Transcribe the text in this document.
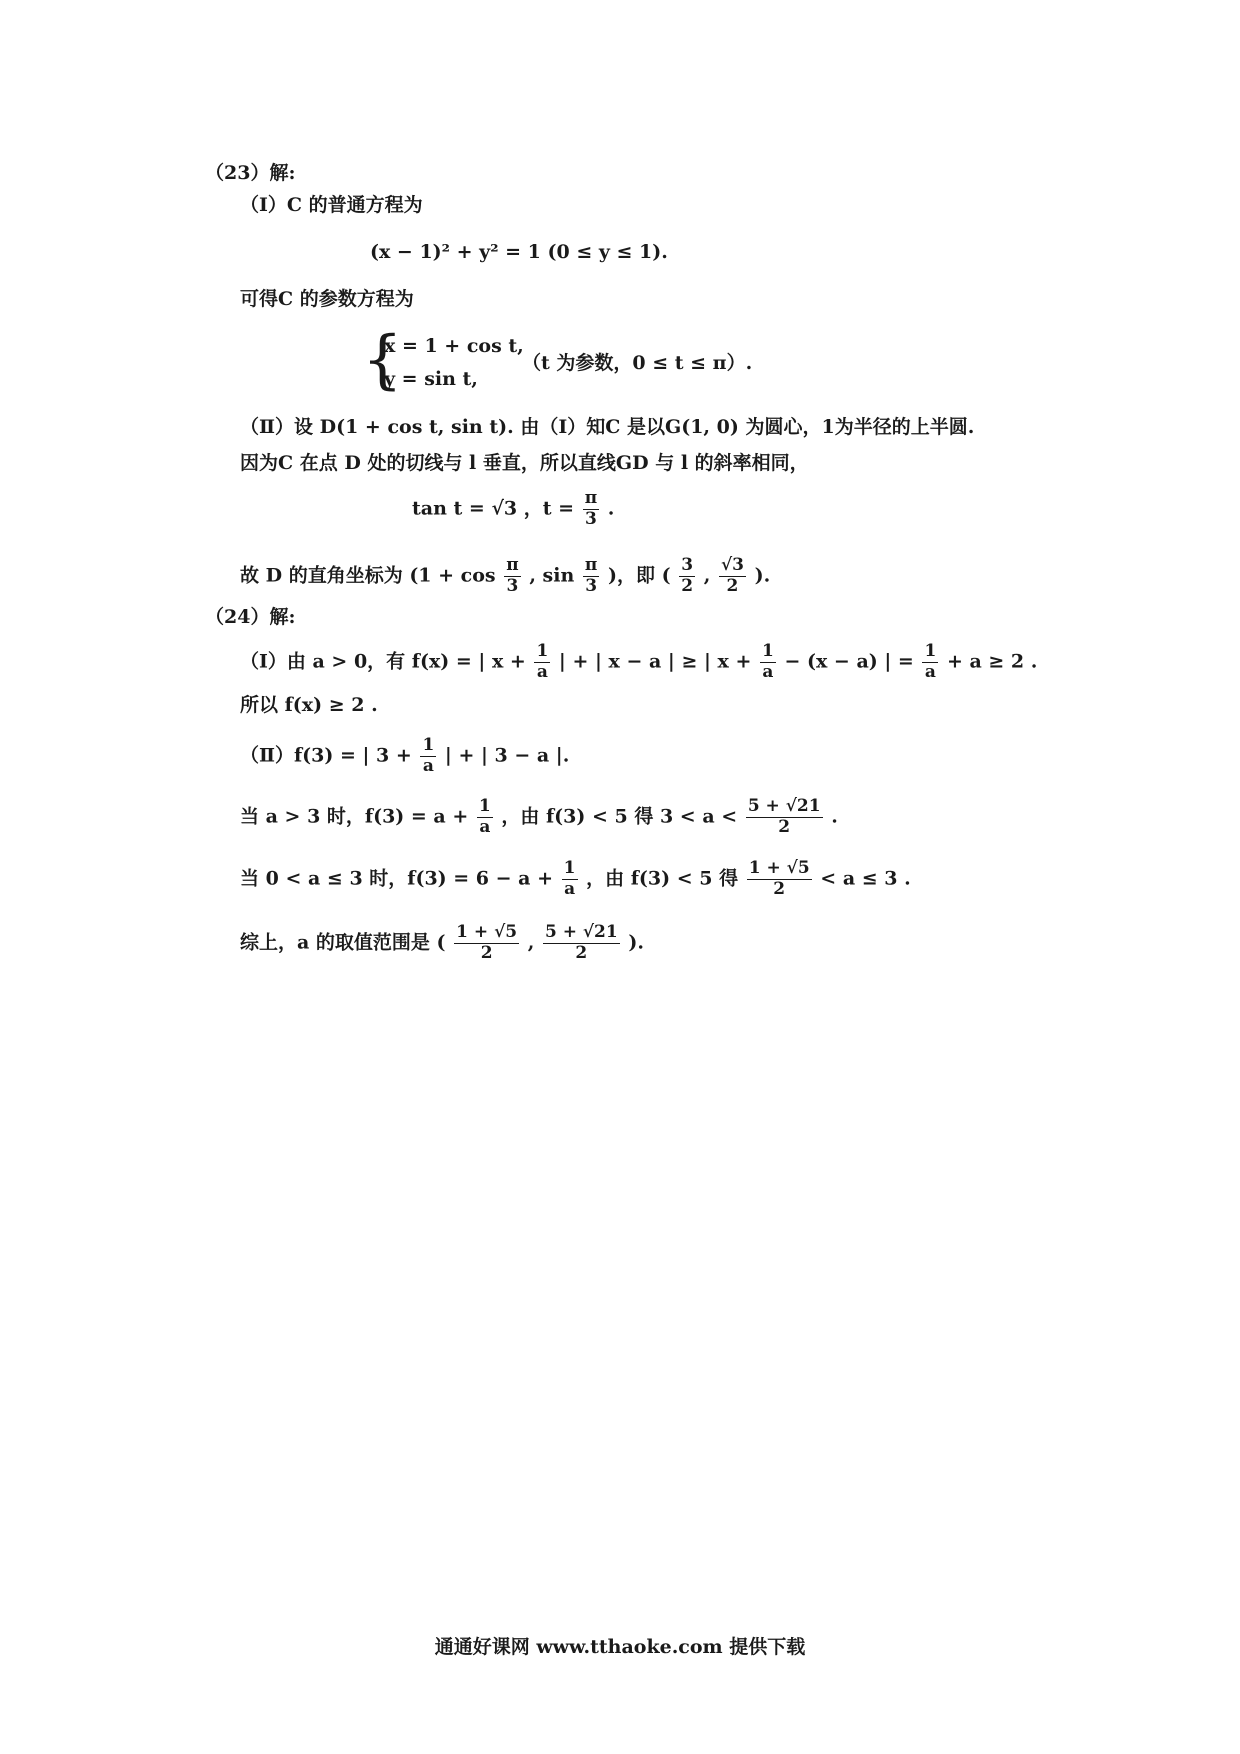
（23）解:
（Ⅰ）C 的普通方程为
(x − 1)² + y² = 1 (0 ≤ y ≤ 1).
可得C 的参数方程为
{
x = 1 + cos t,
y = sin t,
（t 为参数，0 ≤ t ≤ π）.
（Ⅱ）设 D(1 + cos t, sin t). 由（Ⅰ）知C 是以G(1, 0) 为圆心，1为半径的上半圆.
因为C 在点 D 处的切线与 l 垂直，所以直线GD 与 l 的斜率相同，
tan t = √3 ，$t = \frac{\pi}{3}$ .
故 D 的直角坐标为 ($1 + \cos \frac{\pi}{3}$ , $\sin \frac{\pi}{3}$ )，即 ( $\frac{3}{2}$ , $\frac{√3}{2}$ ).
（24）解:
（Ⅰ）由 a > 0，有 f(x) = | $x + \frac{1}{a}$ | + | x − a | ≥ | $x + \frac{1}{a} - (x - a)$ | = $\frac{1}{a} + a \ge 2$ .
所以 f(x) ≥ 2 .
（Ⅱ）f(3) = | $3 + \frac{1}{a}$ | + | 3 − a |.
当 a > 3 时，$f(3) = a + \frac{1}{a}$ ，由 f(3) < 5 得 $3 < a < \frac{5 + √21}{2}$ .
当 0 < a ≤ 3 时，$f(3) = 6 - a + \frac{1}{a}$ ，由 f(3) < 5 得 $\frac{1 + √5}{2} < a \le 3$ .
综上，a 的取值范围是 ( $\frac{1 + √5}{2}$ , $\frac{5 + √21}{2}$ ).
通通好课网 www.tthaoke.com 提供下载
